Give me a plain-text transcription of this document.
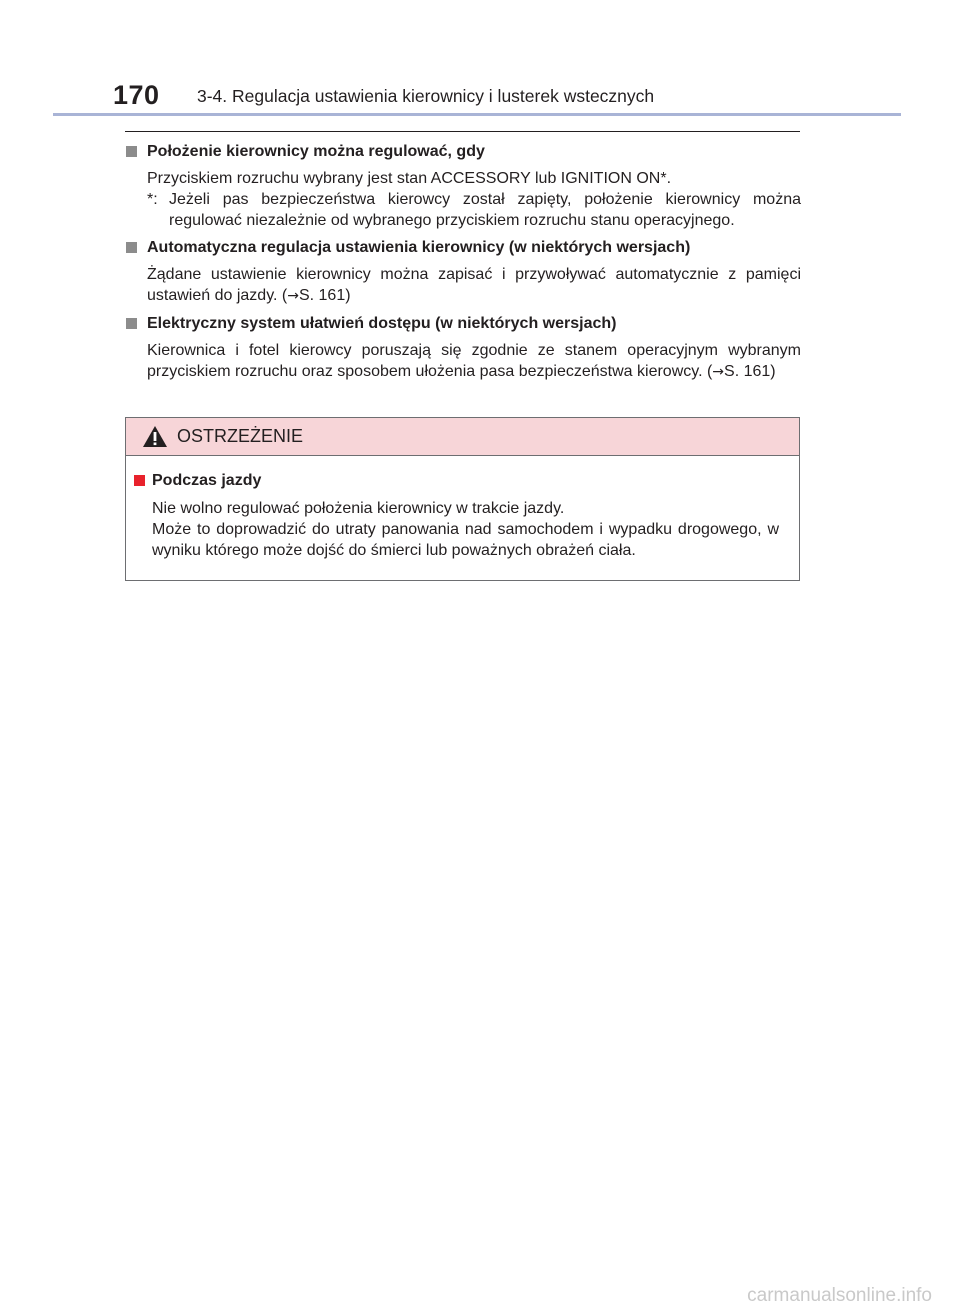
170 3-4. Regulacja ustawienia kierownicy i lusterek wstecznych
Położenie kierownicy można regulować, gdy
Przyciskiem rozruchu wybrany jest stan ACCESSORY lub IGNITION ON*.
*: Jeżeli pas bezpieczeństwa kierowcy został zapięty, położenie kierownicy można regulować niezależnie od wybranego przyciskiem rozruchu stanu operacyjnego.
Automatyczna regulacja ustawienia kierownicy (w niektórych wersjach)
Żądane ustawienie kierownicy można zapisać i przywoływać automatycznie z pamięci ustawień do jazdy. (→S. 161)
Elektryczny system ułatwień dostępu (w niektórych wersjach)
Kierownica i fotel kierowcy poruszają się zgodnie ze stanem operacyjnym wybranym przyciskiem rozruchu oraz sposobem ułożenia pasa bezpieczeństwa kierowcy. (→S. 161)
OSTRZEŻENIE
Podczas jazdy
Nie wolno regulować położenia kierownicy w trakcie jazdy.
Może to doprowadzić do utraty panowania nad samochodem i wypadku drogowego, w wyniku którego może dojść do śmierci lub poważnych obrażeń ciała.
carmanualsonline.info
